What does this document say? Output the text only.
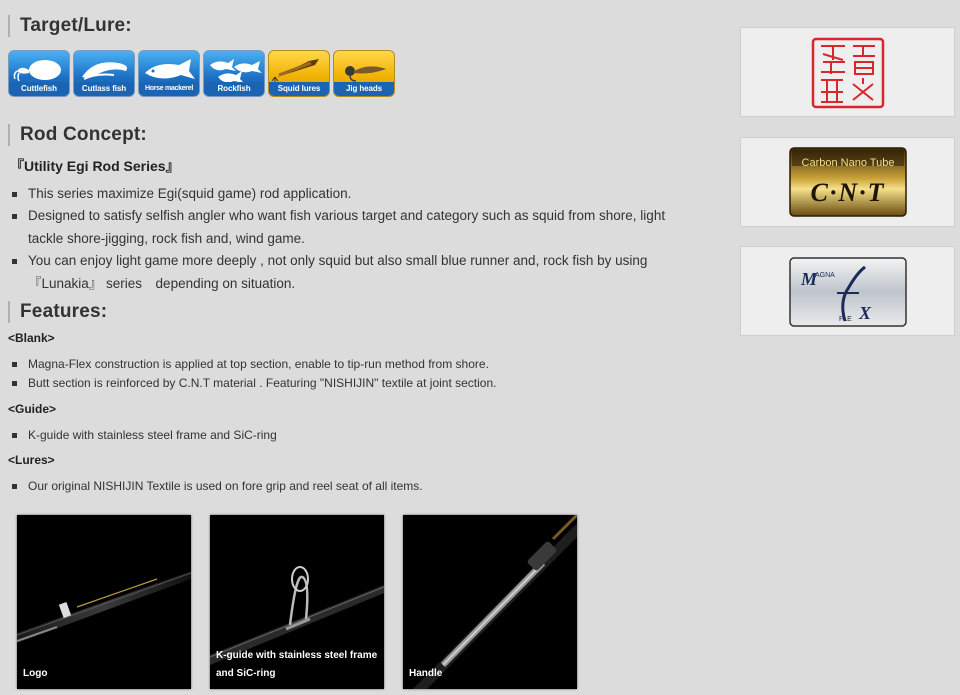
Target/Lure:
Cuttlefish	Cutlass fish	Horse mackerel	Rockfish	Squid lures	Jig heads
Rod Concept:
『Utility Egi Rod Series』
This series maximize Egi(squid game) rod application.
Designed to satisfy selfish angler who want fish various target and category such as squid from shore, light tackle shore-jigging, rock fish and, wind game.
You can enjoy light game more deeply , not only squid but also small blue runner and, rock fish by using 『Lunakia』 series　depending on situation.
Features:
<Blank>
Magna-Flex construction is applied at top section, enable to tip-run method from shore.
Butt section is reinforced by C.N.T material . Featuring "NISHIJIN" textile at joint section.
<Guide>
K-guide with stainless steel frame and SiC-ring
<Lures>
Our original NISHIJIN Textile is used on fore grip and reel seat of all items.
Logo
K-guide with stainless steel frame and SiC-ring	Handle
Carbon Nano Tube
C·N·T
M
AGNA
X
FLE
